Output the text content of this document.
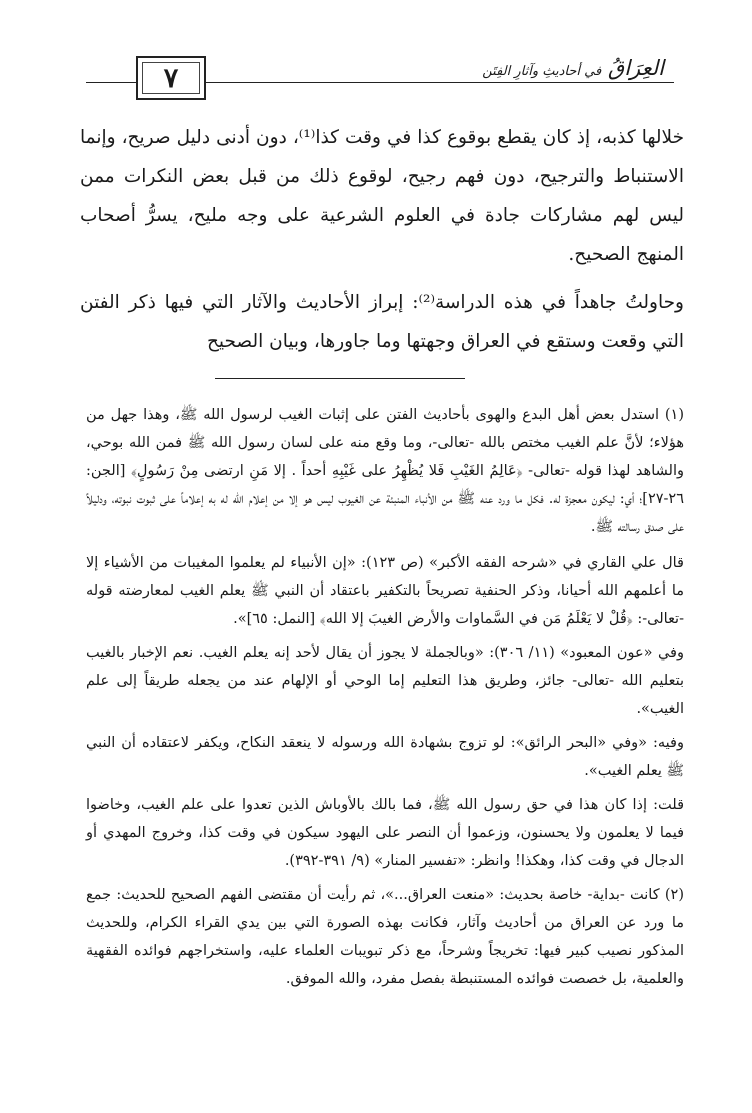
٧	العِرَاقُ في أحاديثِ وآثارِ الفِتَن

خلالها كذبه، إذ كان يقطع بوقوع كذا في وقت كذا⁽¹⁾، دون أدنى دليل صريح، وإنما الاستنباط والترجيح، دون فهم رجيح، لوقوع ذلك من قبل بعض النكرات ممن ليس لهم مشاركات جادة في العلوم الشرعية على وجه مليح، يسرُّ أصحاب المنهج الصحيح.

وحاولتُ جاهداً في هذه الدراسة⁽²⁾: إبراز الأحاديث والآثار التي فيها ذكر الفتن التي وقعت وستقع في العراق وجهتها وما جاورها، وبيان الصحيح

(١) استدل بعض أهل البدع والهوى بأحاديث الفتن على إثبات الغيب لرسول الله ﷺ، وهذا جهل من هؤلاء؛ لأنَّ علم الغيب مختص بالله -تعالى-، وما وقع منه على لسان رسول الله ﷺ فمن الله بوحي، والشاهد لهذا قوله -تعالى- ﴿عَالِمُ الغَيْبِ فَلا يُظْهِرُ على غَيْبِهِ أحداً . إلا مَنِ ارتضى مِنْ رَسُولٍ﴾ [الجن: ٢٦-٢٧]؛ أي: ليكون معجزة له. فكل ما ورد عنه ﷺ من الأنباء المنبئة عن الغيوب ليس هو إلا من إعلام الله له به إعلاماً على ثبوت نبوته، ودليلاً على صدق رسالته ﷺ.

قال علي القاري في «شرحه الفقه الأكبر» (ص ١٢٣): «إن الأنبياء لم يعلموا المغيبات من الأشياء إلا ما أعلمهم الله أحيانا، وذكر الحنفية تصريحاً بالتكفير باعتقاد أن النبي ﷺ يعلم الغيب لمعارضته قوله -تعالى-: ﴿قُلْ لا يَعْلَمُ مَن في السَّماوات والأرض الغيبَ إلا الله﴾ [النمل: ٦٥]».

وفي «عون المعبود» (١١/ ٣٠٦): «وبالجملة لا يجوز أن يقال لأحد إنه يعلم الغيب. نعم الإخبار بالغيب بتعليم الله -تعالى- جائز، وطريق هذا التعليم إما الوحي أو الإلهام عند من يجعله طريقاً إلى علم الغيب».

وفيه: «وفي «البحر الرائق»: لو تزوج بشهادة الله ورسوله لا ينعقد النكاح، ويكفر لاعتقاده أن النبي ﷺ يعلم الغيب».

قلت: إذا كان هذا في حق رسول الله ﷺ، فما بالك بالأوباش الذين تعدوا على علم الغيب، وخاضوا فيما لا يعلمون ولا يحسنون، وزعموا أن النصر على اليهود سيكون في وقت كذا، وخروج المهدي أو الدجال في وقت كذا، وهكذا! وانظر: «تفسير المنار» (٩/ ٣٩١-٣٩٢).

(٢) كانت -بداية- خاصة بحديث: «منعت العراق...»، ثم رأيت أن مقتضى الفهم الصحيح للحديث: جمع ما ورد عن العراق من أحاديث وآثار، فكانت بهذه الصورة التي بين يدي القراء الكرام، وللحديث المذكور نصيب كبير فيها: تخريجاً وشرحاً، مع ذكر تبويبات العلماء عليه، واستخراجهم فوائده الفقهية والعلمية، بل خصصت فوائده المستنبطة بفصل مفرد، والله الموفق.
